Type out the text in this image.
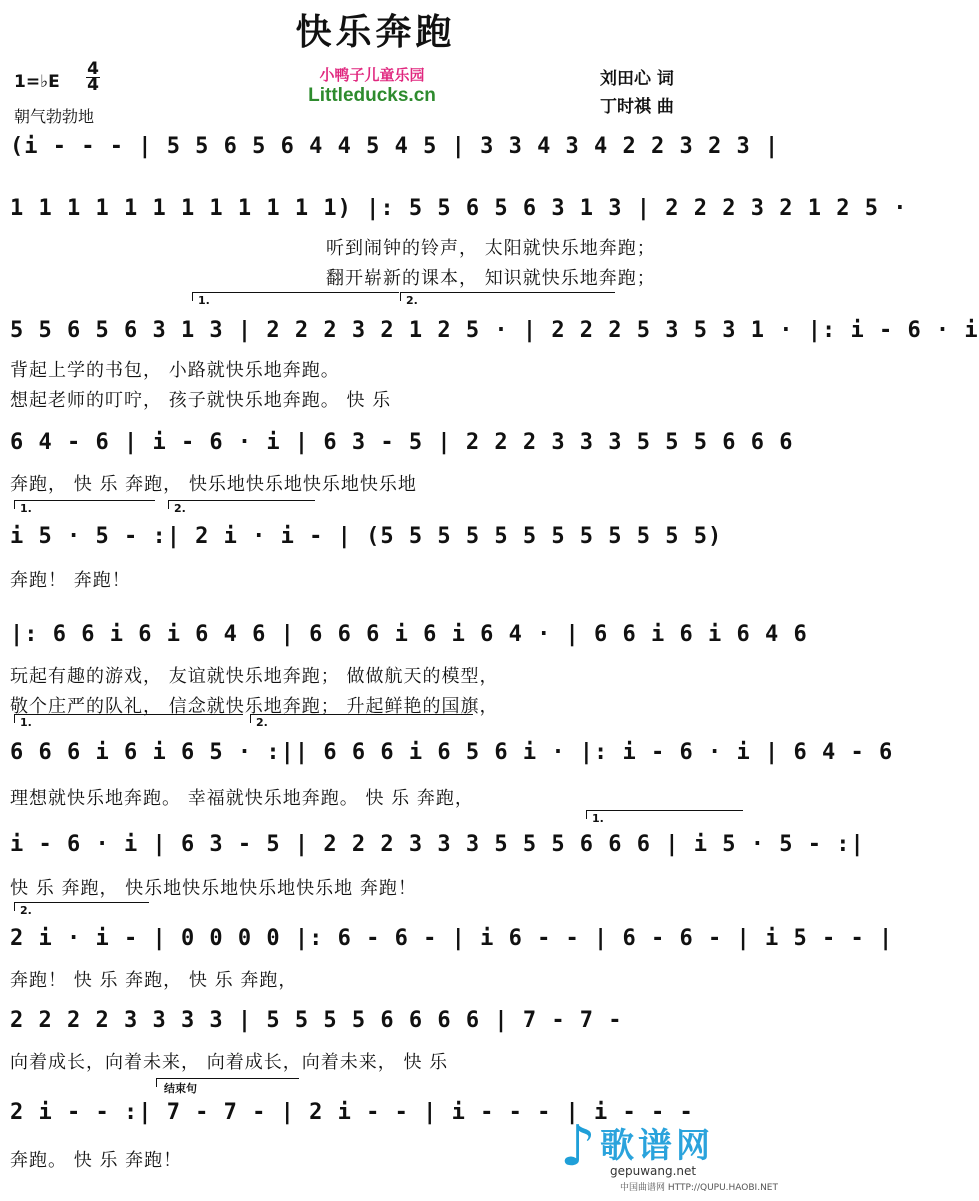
快乐奔跑
1=♭E
4
4
朝气勃勃地
小鸭子儿童乐园
Littleducks.cn
刘田心 词
丁时祺 曲
(i - - - | 5 5 6 5 6 4 4 5 4 5 | 3 3 4 3 4 2 2 3 2 3 |
1 1 1 1 1 1 1 1 1 1 1 1) |: 5 5 6 5 6 3 1 3 | 2 2 2 3 2 1 2 5 ·
听到闹钟的铃声， 太阳就快乐地奔跑；
翻开崭新的课本， 知识就快乐地奔跑；
1.	2.
5 5 6 5 6 3 1 3 | 2 2 2 3 2 1 2 5 · | 2 2 2 5 3 5 3 1 · |: i - 6 · i
背起上学的书包， 小路就快乐地奔跑。
想起老师的叮咛， 孩子就快乐地奔跑。 快 乐
6 4 - 6 | i - 6 · i | 6 3 - 5 | 2 2 2 3 3 3 5 5 5 6 6 6
奔跑， 快 乐 奔跑， 快乐地快乐地快乐地快乐地
1.	2.
i 5 · 5 - :| 2 i · i - | (5 5 5 5 5 5 5 5 5 5 5 5)
奔跑！ 奔跑！
|: 6 6 i 6 i 6 4 6 | 6 6 6 i 6 i 6 4 · | 6 6 i 6 i 6 4 6
玩起有趣的游戏， 友谊就快乐地奔跑； 做做航天的模型，
敬个庄严的队礼， 信念就快乐地奔跑； 升起鲜艳的国旗，
1.	2.
6 6 6 i 6 i 6 5 · :|| 6 6 6 i 6 5 6 i · |: i - 6 · i | 6 4 - 6
理想就快乐地奔跑。 幸福就快乐地奔跑。 快 乐 奔跑，
1.
i - 6 · i | 6 3 - 5 | 2 2 2 3 3 3 5 5 5 6 6 6 | i 5 · 5 - :|
快 乐 奔跑， 快乐地快乐地快乐地快乐地 奔跑！
2.
2 i · i - | 0 0 0 0 |: 6 - 6 - | i 6 - - | 6 - 6 - | i 5 - - |
奔跑！ 快 乐 奔跑， 快 乐 奔跑，
2 2 2 2 3 3 3 3 | 5 5 5 5 6 6 6 6 | 7 - 7 -
向着成长，向着未来， 向着成长，向着未来， 快 乐
结束句
2 i - - :| 7 - 7 - | 2 i - - | i - - - | i - - -
奔跑。 快 乐 奔跑！	♪ 歌谱网
gepuwang.net
中国曲谱网 HTTP://QUPU.HAOBI.NET
